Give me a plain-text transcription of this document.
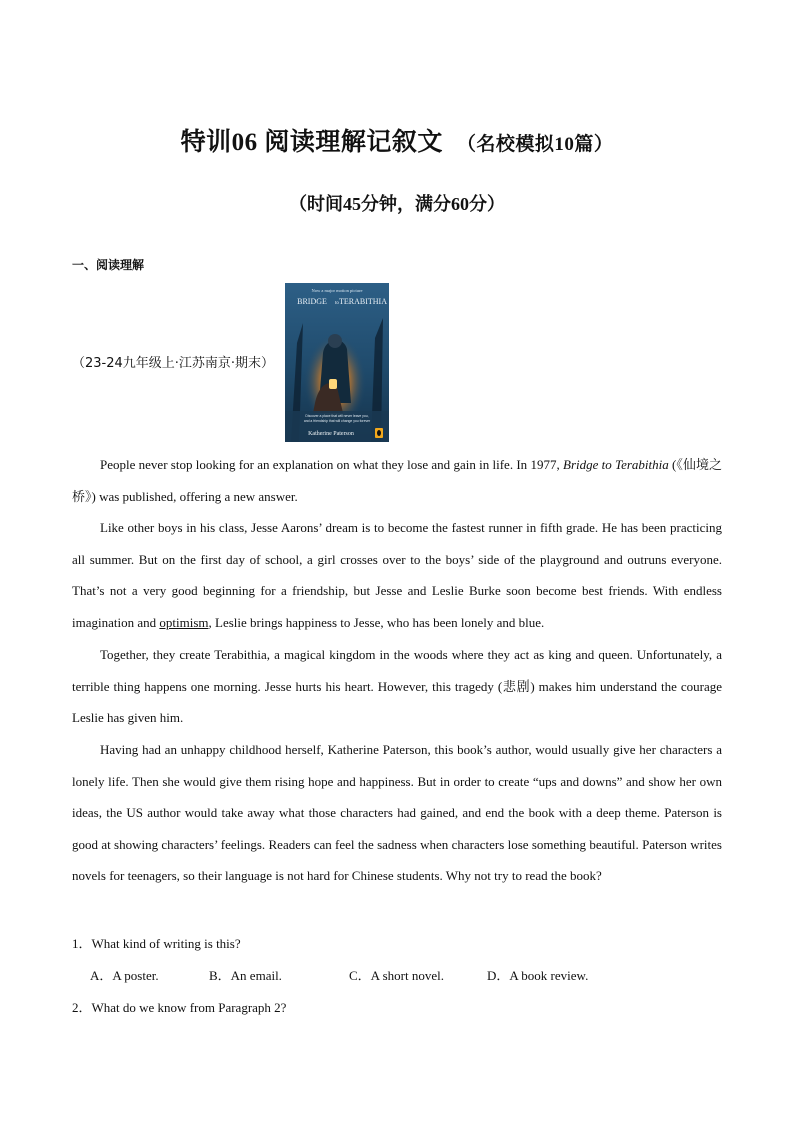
特训06 阅读理解记叙文 （名校模拟10篇）
（时间45分钟，满分60分）
一、阅读理解
（23-24九年级上·江苏南京·期末）
Now a major motion picture
BRIDGE to TERABITHIA
Discover a place that will never leave you,
and a friendship that will change you forever
Katherine Paterson

People never stop looking for an explanation on what they lose and gain in life. In 1977, Bridge to Terabithia (《仙境之桥》) was published, offering a new answer.

Like other boys in his class, Jesse Aarons’ dream is to become the fastest runner in fifth grade. He has been practicing all summer. But on the first day of school, a girl crosses over to the boys’ side of the playground and outruns everyone. That’s not a very good beginning for a friendship, but Jesse and Leslie Burke soon become best friends. With endless imagination and optimism, Leslie brings happiness to Jesse, who has been lonely and blue.

Together, they create Terabithia, a magical kingdom in the woods where they act as king and queen. Unfortunately, a terrible thing happens one morning. Jesse hurts his heart. However, this tragedy (悲剧) makes him understand the courage Leslie has given him.

Having had an unhappy childhood herself, Katherine Paterson, this book’s author, would usually give her characters a lonely life. Then she would give them rising hope and happiness. But in order to create “ups and downs” and show her own ideas, the US author would take away what those characters had gained, and end the book with a deep theme. Paterson is good at showing characters’ feelings. Readers can feel the sadness when characters lose something beautiful. Paterson writes novels for teenagers, so their language is not hard for Chinese students. Why not try to read the book?

1．What kind of writing is this?
A．A poster.	B．An email.	C．A short novel.	D．A book review.
2．What do we know from Paragraph 2?
